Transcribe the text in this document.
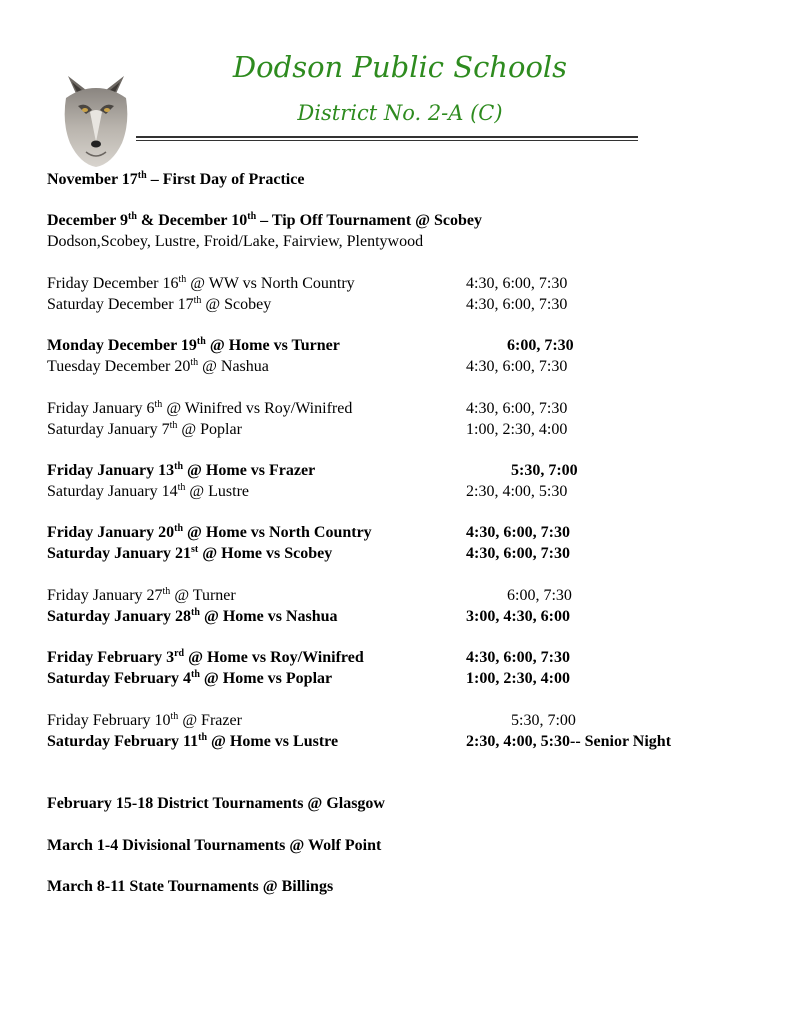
Dodson Public Schools
District No. 2-A (C)
November 17th – First Day of Practice
December 9th & December 10th – Tip Off Tournament @ Scobey
Dodson,Scobey, Lustre, Froid/Lake, Fairview, Plentywood
Friday December 16th @ WW vs North Country	4:30, 6:00, 7:30
Saturday December 17th @ Scobey	4:30, 6:00, 7:30
Monday December 19th @ Home vs Turner	6:00, 7:30
Tuesday December 20th @ Nashua	4:30, 6:00, 7:30
Friday January 6th @ Winifred vs Roy/Winifred	4:30, 6:00, 7:30
Saturday January 7th @ Poplar	1:00, 2:30, 4:00
Friday January 13th @ Home vs Frazer	5:30, 7:00
Saturday January 14th @ Lustre	2:30, 4:00, 5:30
Friday January 20th @ Home vs North Country	4:30, 6:00, 7:30
Saturday January 21st @ Home vs Scobey	4:30, 6:00, 7:30
Friday January 27th @ Turner	6:00, 7:30
Saturday January 28th @ Home vs Nashua	3:00, 4:30, 6:00
Friday February 3rd @ Home vs Roy/Winifred	4:30, 6:00, 7:30
Saturday February 4th @ Home vs Poplar	1:00, 2:30, 4:00
Friday February 10th @ Frazer	5:30, 7:00
Saturday February 11th @ Home vs Lustre	2:30, 4:00, 5:30-- Senior Night
February 15-18 District Tournaments @ Glasgow
March 1-4 Divisional Tournaments @ Wolf Point
March 8-11 State Tournaments @ Billings
